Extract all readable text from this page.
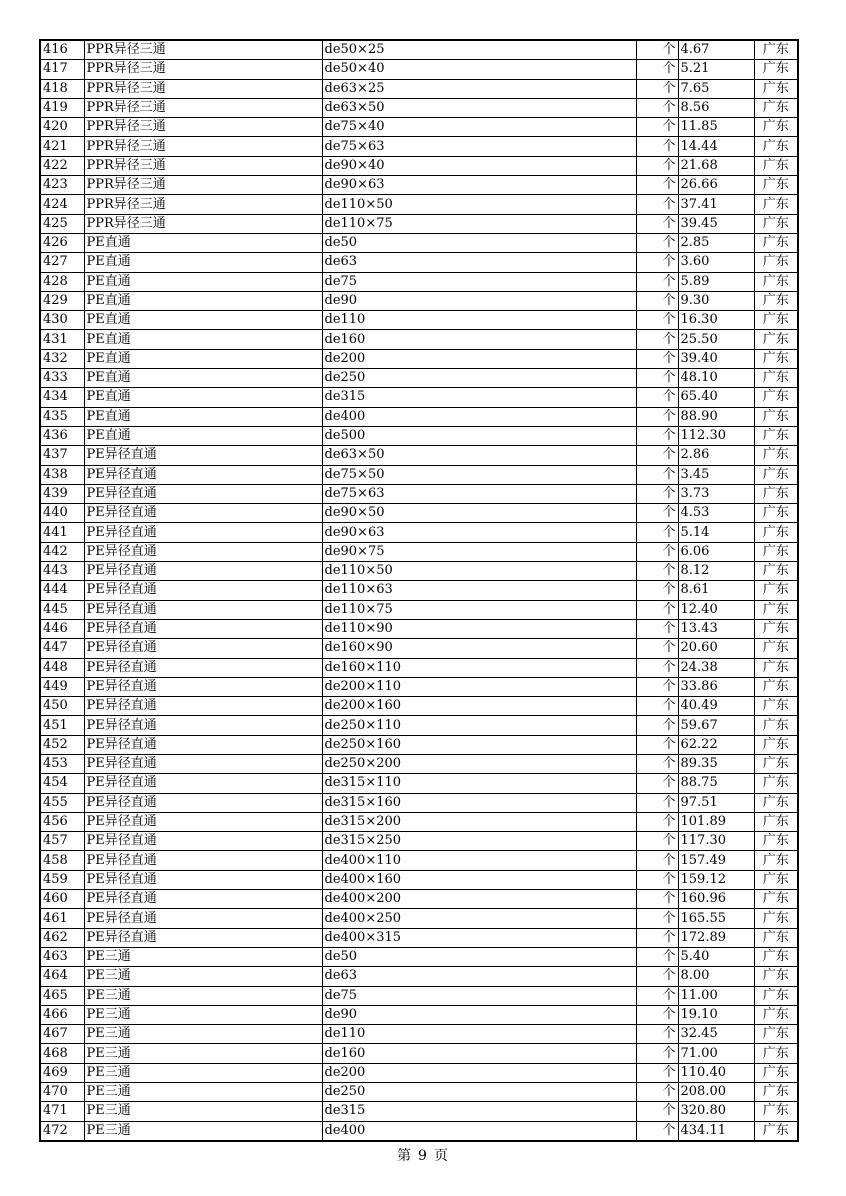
416	PPR异径三通	de50×25	个	4.67	广东
417	PPR异径三通	de50×40	个	5.21	广东
418	PPR异径三通	de63×25	个	7.65	广东
419	PPR异径三通	de63×50	个	8.56	广东
420	PPR异径三通	de75×40	个	11.85	广东
421	PPR异径三通	de75×63	个	14.44	广东
422	PPR异径三通	de90×40	个	21.68	广东
423	PPR异径三通	de90×63	个	26.66	广东
424	PPR异径三通	de110×50	个	37.41	广东
425	PPR异径三通	de110×75	个	39.45	广东
426	PE直通	de50	个	2.85	广东
427	PE直通	de63	个	3.60	广东
428	PE直通	de75	个	5.89	广东
429	PE直通	de90	个	9.30	广东
430	PE直通	de110	个	16.30	广东
431	PE直通	de160	个	25.50	广东
432	PE直通	de200	个	39.40	广东
433	PE直通	de250	个	48.10	广东
434	PE直通	de315	个	65.40	广东
435	PE直通	de400	个	88.90	广东
436	PE直通	de500	个	112.30	广东
437	PE异径直通	de63×50	个	2.86	广东
438	PE异径直通	de75×50	个	3.45	广东
439	PE异径直通	de75×63	个	3.73	广东
440	PE异径直通	de90×50	个	4.53	广东
441	PE异径直通	de90×63	个	5.14	广东
442	PE异径直通	de90×75	个	6.06	广东
443	PE异径直通	de110×50	个	8.12	广东
444	PE异径直通	de110×63	个	8.61	广东
445	PE异径直通	de110×75	个	12.40	广东
446	PE异径直通	de110×90	个	13.43	广东
447	PE异径直通	de160×90	个	20.60	广东
448	PE异径直通	de160×110	个	24.38	广东
449	PE异径直通	de200×110	个	33.86	广东
450	PE异径直通	de200×160	个	40.49	广东
451	PE异径直通	de250×110	个	59.67	广东
452	PE异径直通	de250×160	个	62.22	广东
453	PE异径直通	de250×200	个	89.35	广东
454	PE异径直通	de315×110	个	88.75	广东
455	PE异径直通	de315×160	个	97.51	广东
456	PE异径直通	de315×200	个	101.89	广东
457	PE异径直通	de315×250	个	117.30	广东
458	PE异径直通	de400×110	个	157.49	广东
459	PE异径直通	de400×160	个	159.12	广东
460	PE异径直通	de400×200	个	160.96	广东
461	PE异径直通	de400×250	个	165.55	广东
462	PE异径直通	de400×315	个	172.89	广东
463	PE三通	de50	个	5.40	广东
464	PE三通	de63	个	8.00	广东
465	PE三通	de75	个	11.00	广东
466	PE三通	de90	个	19.10	广东
467	PE三通	de110	个	32.45	广东
468	PE三通	de160	个	71.00	广东
469	PE三通	de200	个	110.40	广东
470	PE三通	de250	个	208.00	广东
471	PE三通	de315	个	320.80	广东
472	PE三通	de400	个	434.11	广东
第 9 页
